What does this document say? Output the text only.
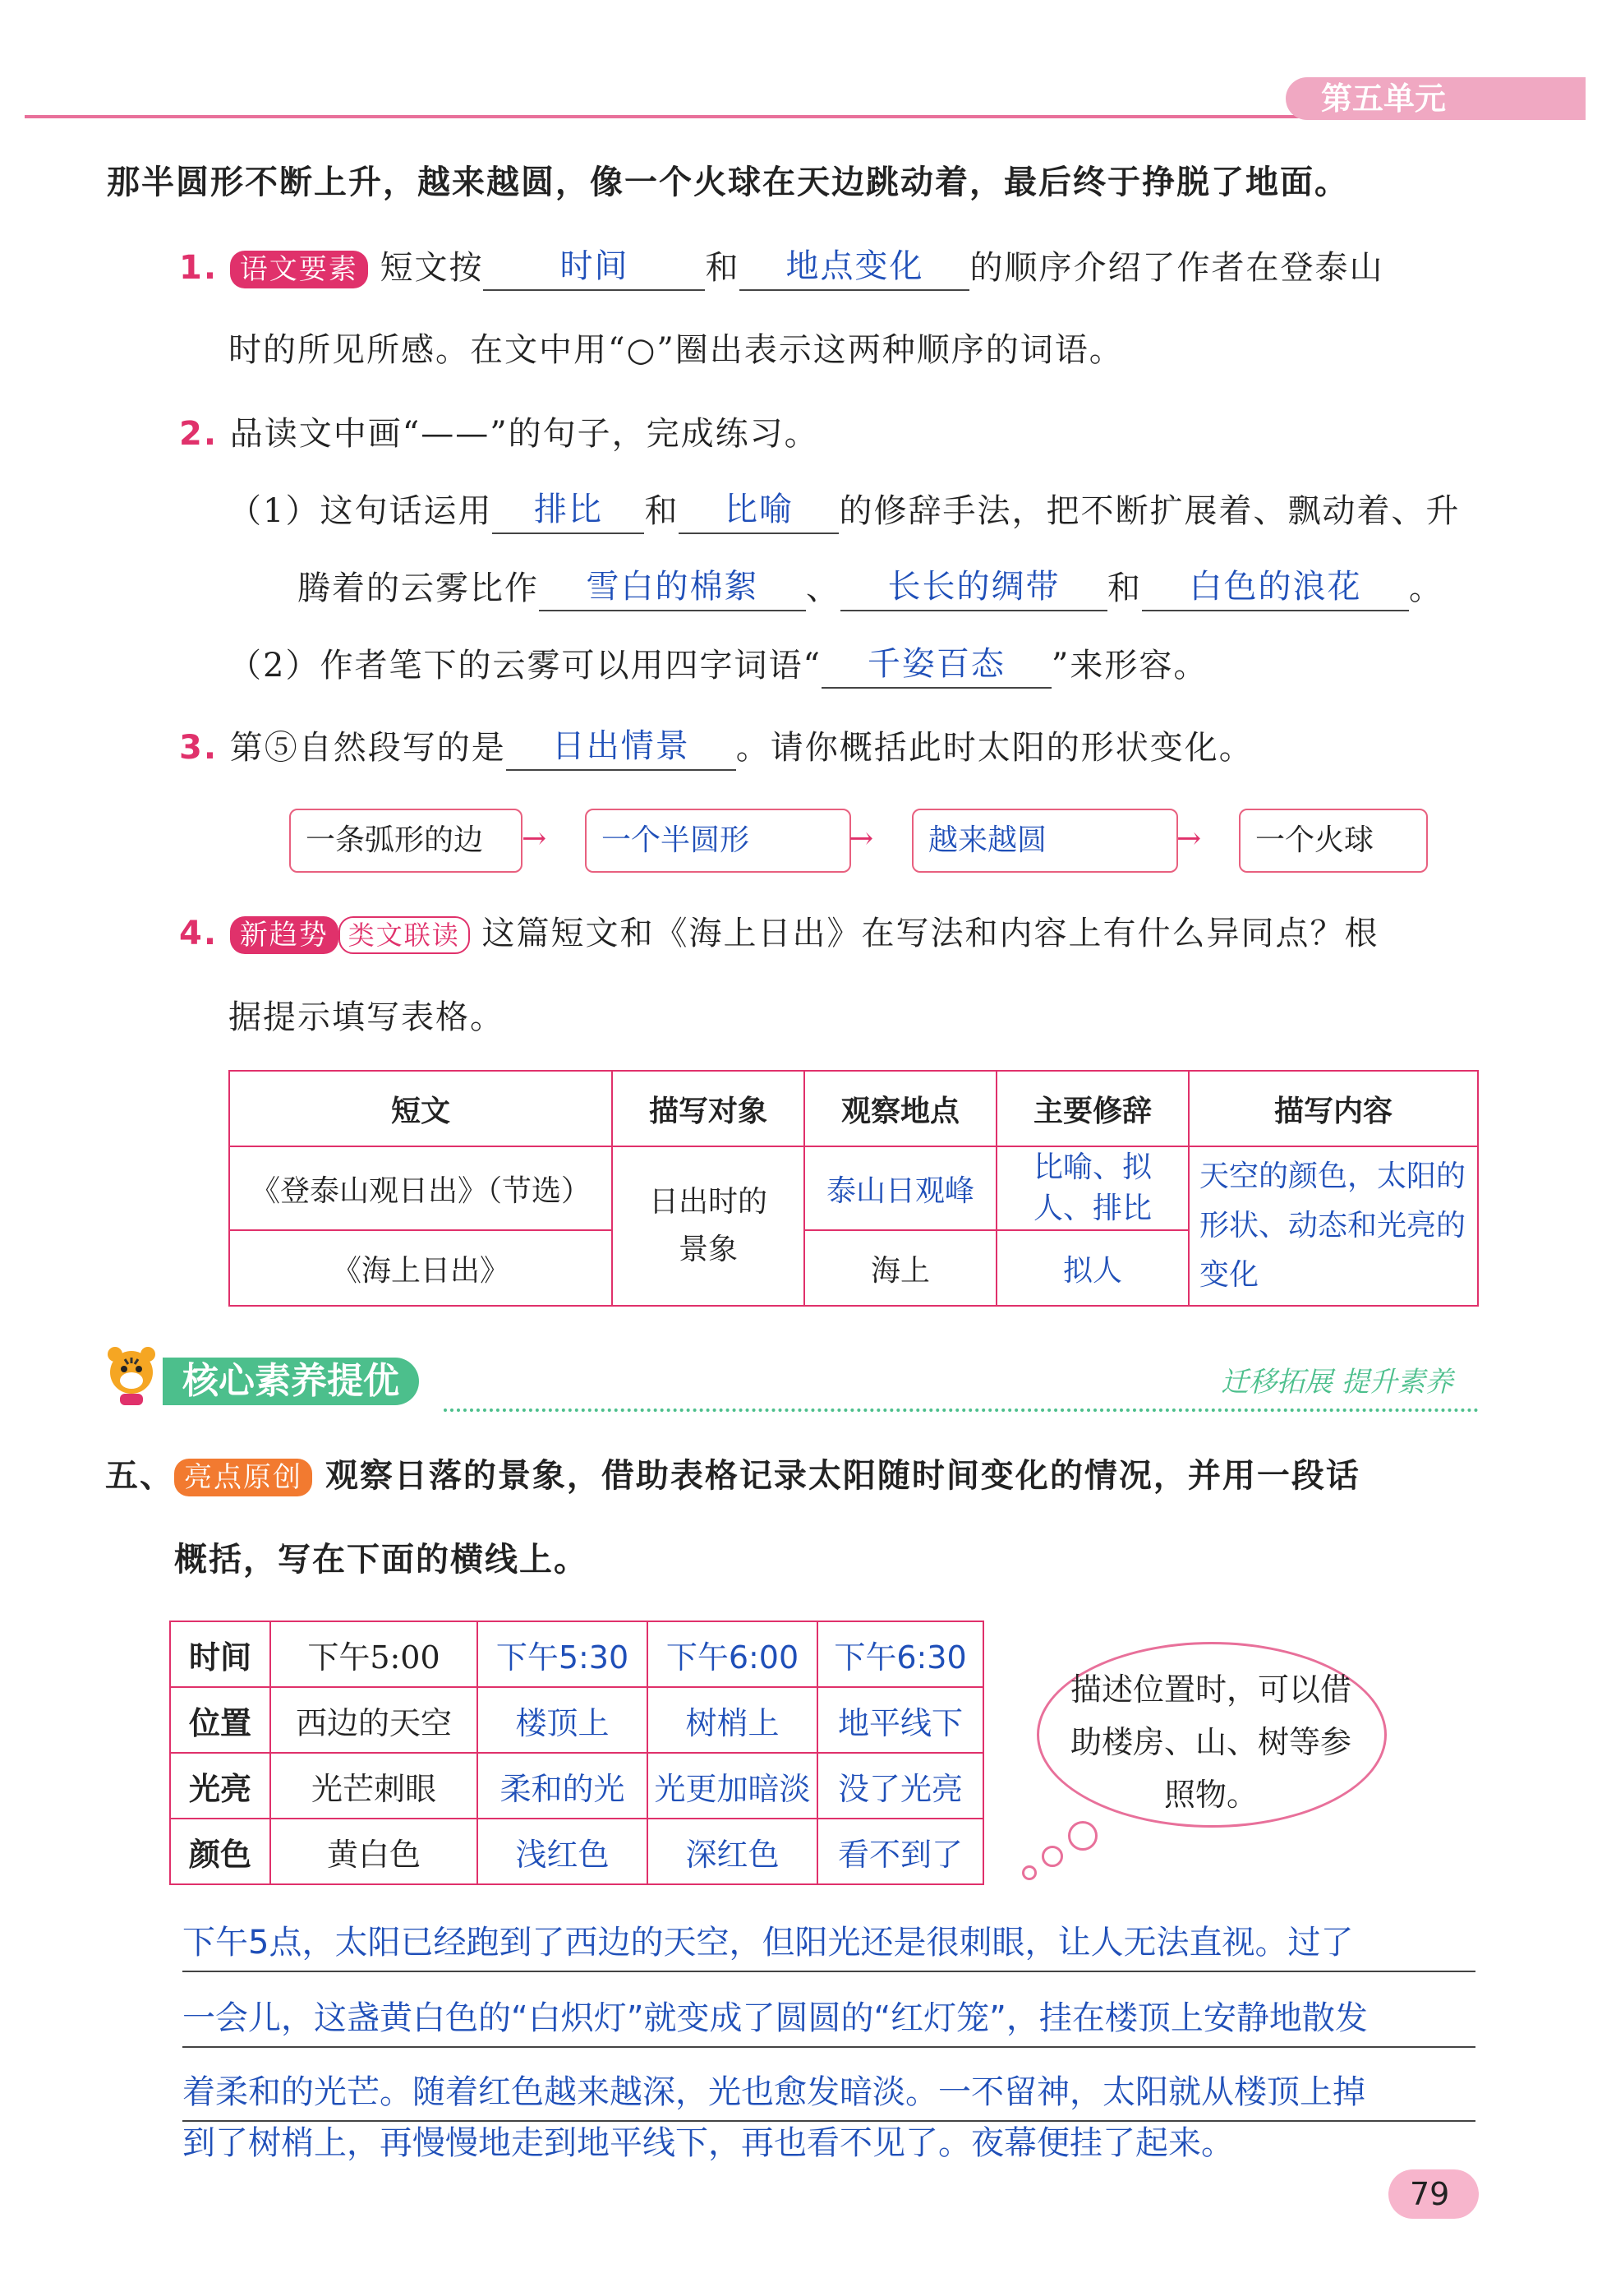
第五单元
那半圆形不断上升，越来越圆，像一个火球在天边跳动着，最后终于挣脱了地面。
1. 语文要素 短文按 时间 和 地点变化 的顺序介绍了作者在登泰山
时的所见所感。在文中用“○”圈出表示这两种顺序的词语。
2. 品读文中画“——”的句子，完成练习。
（1）这句话运用 排比 和 比喻 的修辞手法，把不断扩展着、飘动着、升
腾着的云雾比作 雪白的棉絮 、 长长的绸带 和 白色的浪花 。
（2）作者笔下的云雾可以用四字词语“ 千姿百态 ”来形容。
3. 第⑤自然段写的是 日出情景 。请你概括此时太阳的形状变化。
一条弧形的边	→	一个半圆形	→	越来越圆	→	一个火球
4. 新趋势 类文联读 这篇短文和《海上日出》在写法和内容上有什么异同点？根
据提示填写表格。
短文	描写对象	观察地点	主要修辞	描写内容
《登泰山观日出》（节选）	日出时的景象	泰山日观峰	比喻、拟人、排比	天空的颜色，太阳的形状、动态和光亮的变化
《海上日出》		海上	拟人	
核心素养提优	迁移拓展 提升素养
五、 亮点原创 观察日落的景象，借助表格记录太阳随时间变化的情况，并用一段话
概括，写在下面的横线上。
时间	下午5:00	下午5:30	下午6:00	下午6:30
位置	西边的天空	楼顶上	树梢上	地平线下
光亮	光芒刺眼	柔和的光	光更加暗淡	没了光亮
颜色	黄白色	浅红色	深红色	看不到了
描述位置时，可以借助楼房、山、树等参照物。
下午5点，太阳已经跑到了西边的天空，但阳光还是很刺眼，让人无法直视。过了
一会儿，这盏黄白色的“白炽灯”就变成了圆圆的“红灯笼”，挂在楼顶上安静地散发
着柔和的光芒。随着红色越来越深，光也愈发暗淡。一不留神，太阳就从楼顶上掉
到了树梢上，再慢慢地走到地平线下，再也看不见了。夜幕便挂了起来。
79
